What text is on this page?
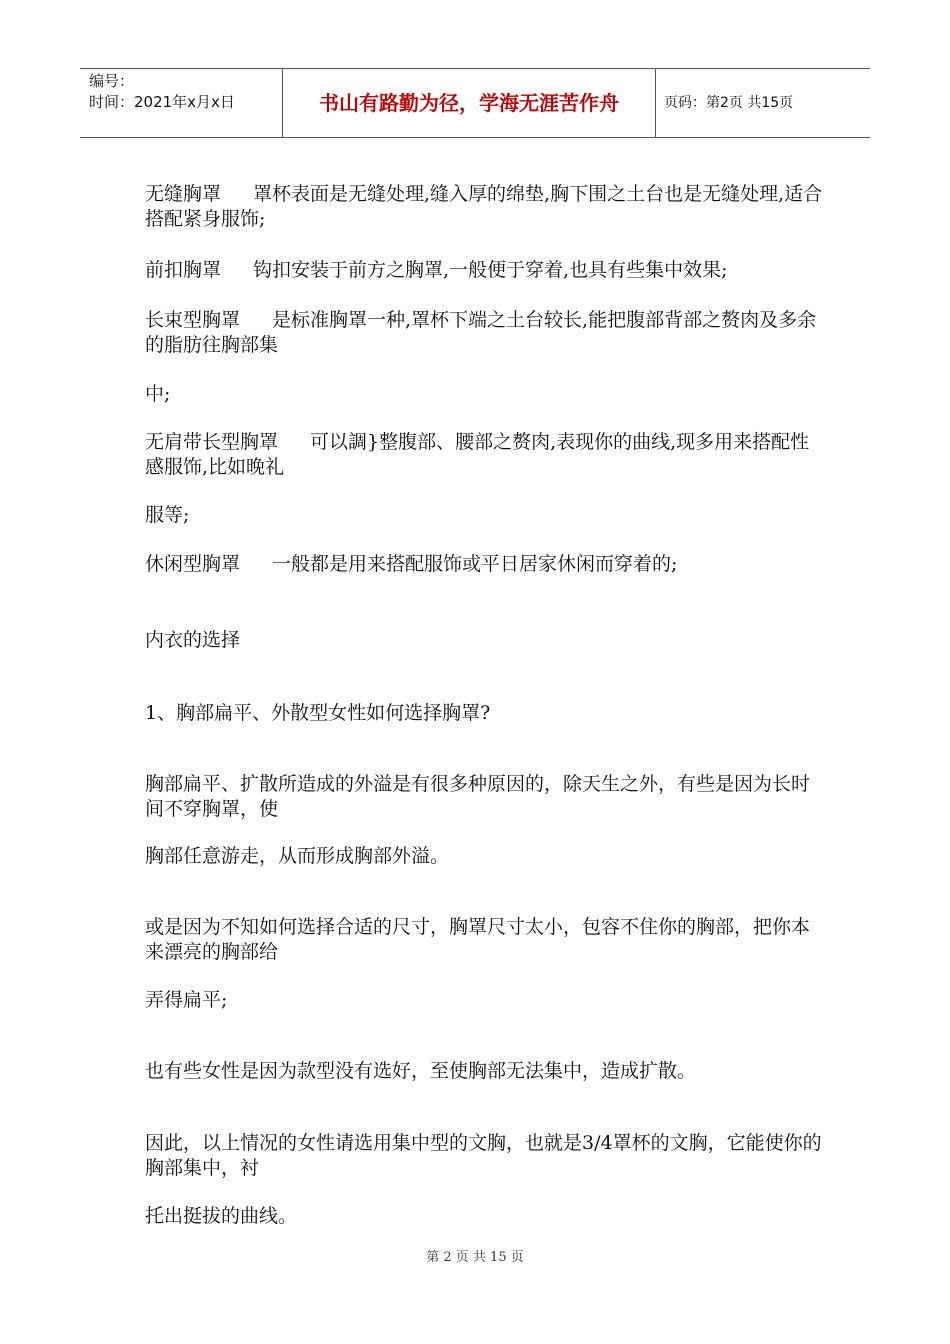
编号：
时间：2021年x月x日	书山有路勤为径，学海无涯苦作舟	页码：第2页 共15页

无缝胸罩 罩杯表面是无缝处理,缝入厚的绵垫,胸下围之土台也是无缝处理,适合搭配紧身服饰;

前扣胸罩 钩扣安装于前方之胸罩,一般便于穿着,也具有些集中效果;

长束型胸罩 是标准胸罩一种,罩杯下端之土台较长,能把腹部背部之赘肉及多余的脂肪往胸部集

中;

无肩带长型胸罩 可以調}整腹部、腰部之赘肉,表现你的曲线,现多用来搭配性感服饰,比如晚礼

服等;

休闲型胸罩 一般都是用来搭配服饰或平日居家休闲而穿着的;

内衣的选择

1、胸部扁平、外散型女性如何选择胸罩?

胸部扁平、扩散所造成的外溢是有很多种原因的，除天生之外，有些是因为长时间不穿胸罩，使

胸部任意游走，从而形成胸部外溢。

或是因为不知如何选择合适的尺寸，胸罩尺寸太小，包容不住你的胸部，把你本来漂亮的胸部给

弄得扁平;

也有些女性是因为款型没有选好，至使胸部无法集中，造成扩散。

因此，以上情况的女性请选用集中型的文胸，也就是3/4罩杯的文胸，它能使你的胸部集中，衬

托出挺拔的曲线。

第 2 页 共 15 页
